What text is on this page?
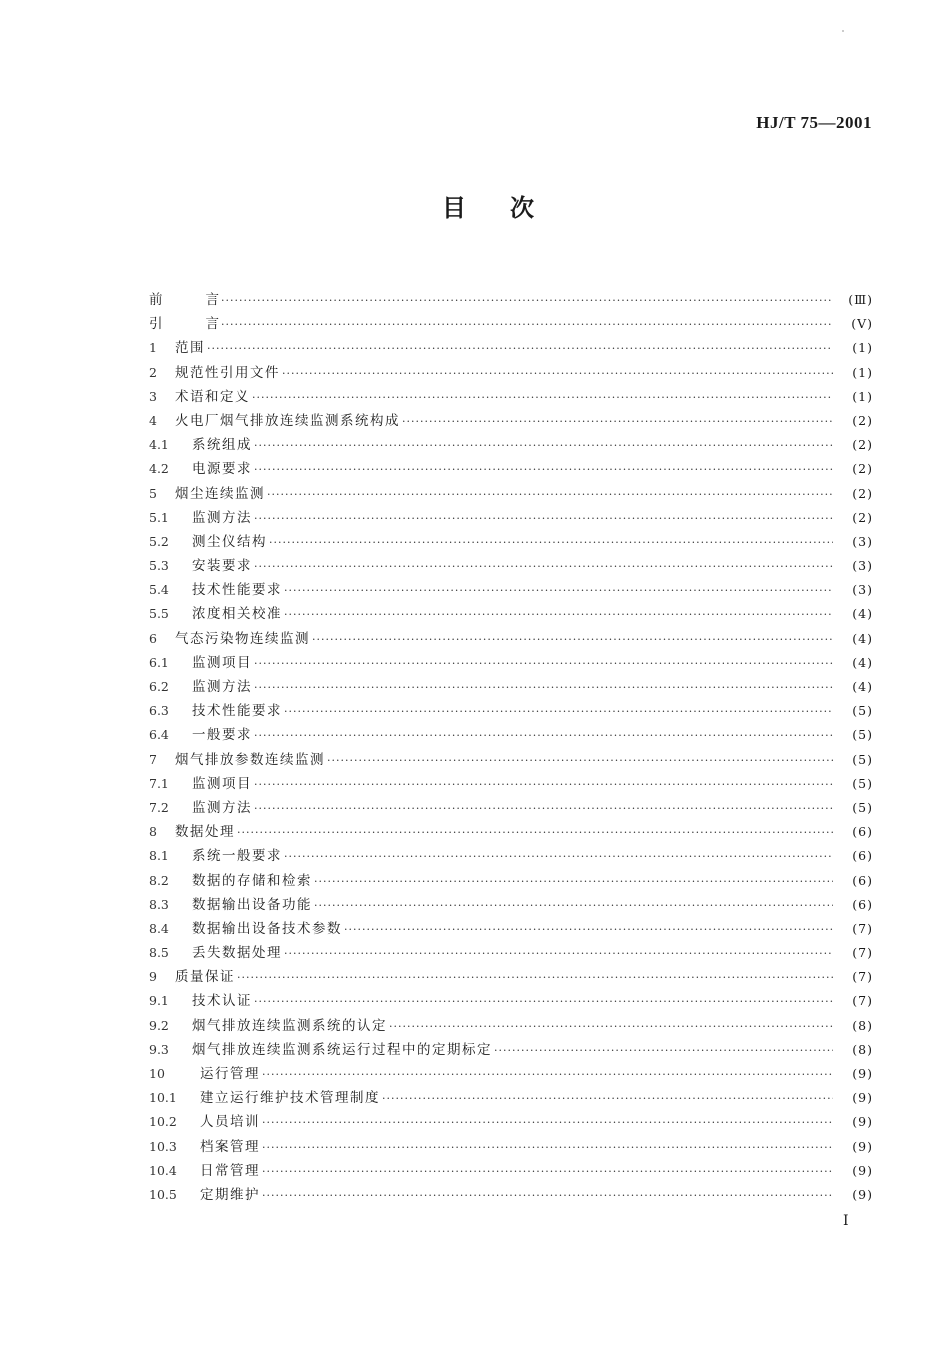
HJ/T 75—2001
目次
前	言 ·····	(Ⅲ)
引	言 ·····	(Ⅴ)
1	范围 ·····	(1)
2	规范性引用文件 ·····	(1)
3	术语和定义 ·····	(1)
4	火电厂烟气排放连续监测系统构成 ·····	(2)
4.1	系统组成 ·····	(2)
4.2	电源要求 ·····	(2)
5	烟尘连续监测 ·····	(2)
5.1	监测方法 ·····	(2)
5.2	测尘仪结构 ·····	(3)
5.3	安装要求 ·····	(3)
5.4	技术性能要求 ·····	(3)
5.5	浓度相关校准 ·····	(4)
6	气态污染物连续监测 ·····	(4)
6.1	监测项目 ·····	(4)
6.2	监测方法 ·····	(4)
6.3	技术性能要求 ·····	(5)
6.4	一般要求 ·····	(5)
7	烟气排放参数连续监测 ·····	(5)
7.1	监测项目 ·····	(5)
7.2	监测方法 ·····	(5)
8	数据处理 ·····	(6)
8.1	系统一般要求 ·····	(6)
8.2	数据的存储和检索 ·····	(6)
8.3	数据输出设备功能 ·····	(6)
8.4	数据输出设备技术参数 ·····	(7)
8.5	丢失数据处理 ·····	(7)
9	质量保证 ·····	(7)
9.1	技术认证 ·····	(7)
9.2	烟气排放连续监测系统的认定 ·····	(8)
9.3	烟气排放连续监测系统运行过程中的定期标定 ·····	(8)
10	运行管理 ·····	(9)
10.1	建立运行维护技术管理制度 ·····	(9)
10.2	人员培训 ·····	(9)
10.3	档案管理 ·····	(9)
10.4	日常管理 ·····	(9)
10.5	定期维护 ·····	(9)
I
